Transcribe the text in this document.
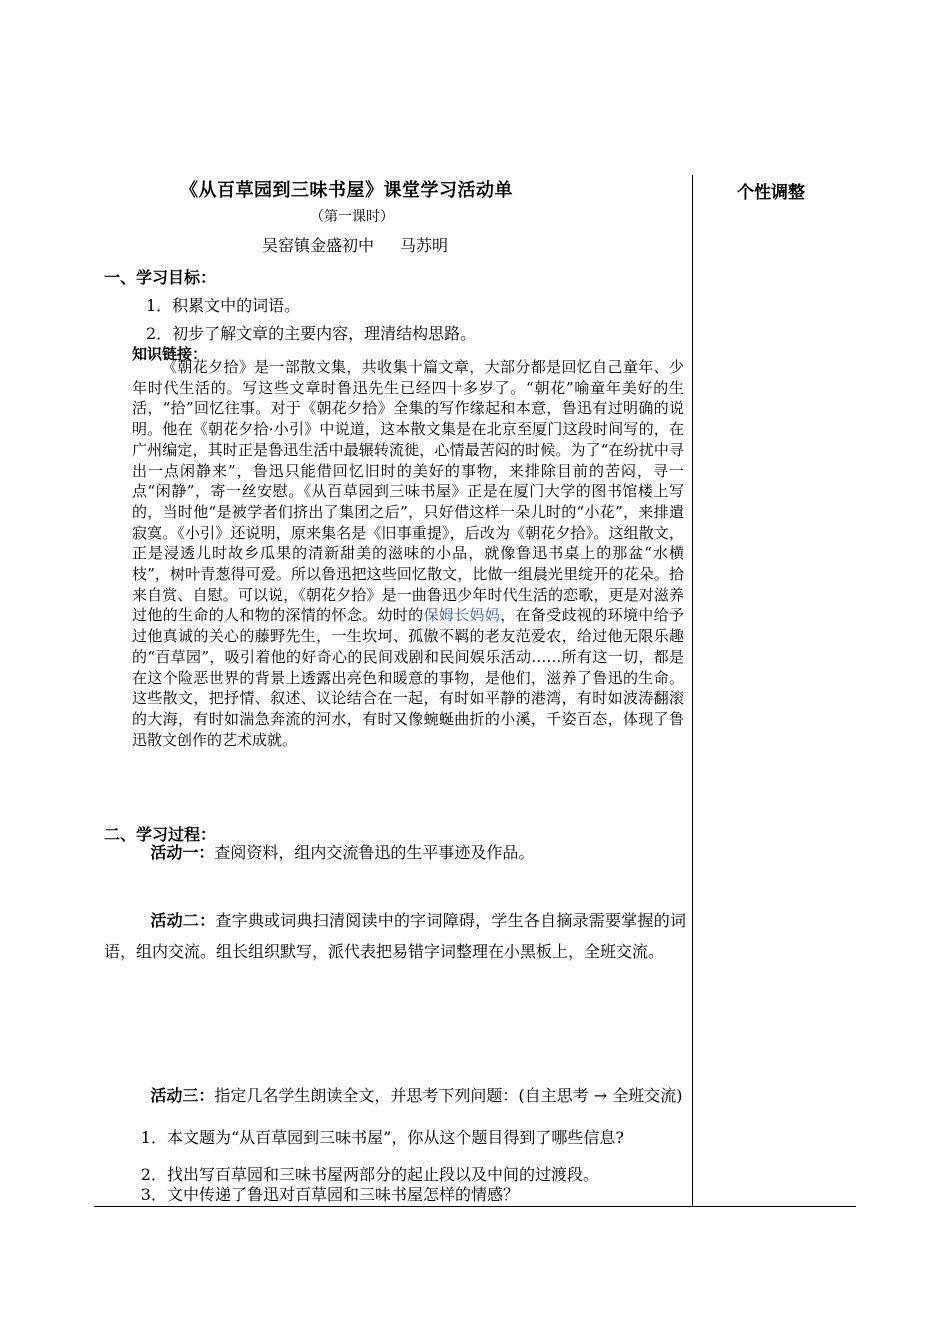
个性调整
《从百草园到三味书屋》课堂学习活动单
（第一课时）
吴窑镇金盛初中 马苏明
一、学习目标：
1．积累文中的词语。
2．初步了解文章的主要内容，理清结构思路。
知识链接：

《朝花夕拾》是一部散文集，共收集十篇文章，大部分都是回忆自己童年、少年时代生活的。写这些文章时鲁迅先生已经四十多岁了。“朝花”喻童年美好的生活，“拾”回忆往事。对于《朝花夕拾》全集的写作缘起和本意，鲁迅有过明确的说明。他在《朝花夕拾·小引》中说道，这本散文集是在北京至厦门这段时间写的，在广州编定，其时正是鲁迅生活中最辗转流徙，心情最苦闷的时候。为了“在纷扰中寻出一点闲静来”，鲁迅只能借回忆旧时的美好的事物，来排除目前的苦闷，寻一点“闲静”，寄一丝安慰。《从百草园到三味书屋》正是在厦门大学的图书馆楼上写的，当时他“是被学者们挤出了集团之后”，只好借这样一朵儿时的“小花”，来排遣寂寞。《小引》还说明，原来集名是《旧事重提》，后改为《朝花夕拾》。这组散文，正是浸透儿时故乡瓜果的清新甜美的滋味的小品，就像鲁迅书桌上的那盆“水横枝”，树叶青葱得可爱。所以鲁迅把这些回忆散文，比做一组晨光里绽开的花朵。拾来自赏、自慰。可以说，《朝花夕拾》是一曲鲁迅少年时代生活的恋歌，更是对滋养过他的生命的人和物的深情的怀念。幼时的保姆长妈妈，在备受歧视的环境中给予过他真诚的关心的藤野先生，一生坎坷、孤傲不羁的老友范爱农，给过他无限乐趣的“百草园”，吸引着他的好奇心的民间戏剧和民间娱乐活动……所有这一切，都是在这个险恶世界的背景上透露出亮色和暖意的事物，是他们，滋养了鲁迅的生命。这些散文，把抒情、叙述、议论结合在一起，有时如平静的港湾，有时如波涛翻滚的大海，有时如湍急奔流的河水，有时又像蜿蜒曲折的小溪，千姿百态，体现了鲁迅散文创作的艺术成就。

二、学习过程：
活动一：查阅资料，组内交流鲁迅的生平事迹及作品。
活动二：查字典或词典扫清阅读中的字词障碍，学生各自摘录需要掌握的词语，组内交流。组长组织默写，派代表把易错字词整理在小黑板上，全班交流。
活动三：指定几名学生朗读全文，并思考下列问题：(自主思考 → 全班交流)
1．本文题为“从百草园到三味书屋”，你从这个题目得到了哪些信息?
2．找出写百草园和三味书屋两部分的起止段以及中间的过渡段。
3．文中传递了鲁迅对百草园和三味书屋怎样的情感？
